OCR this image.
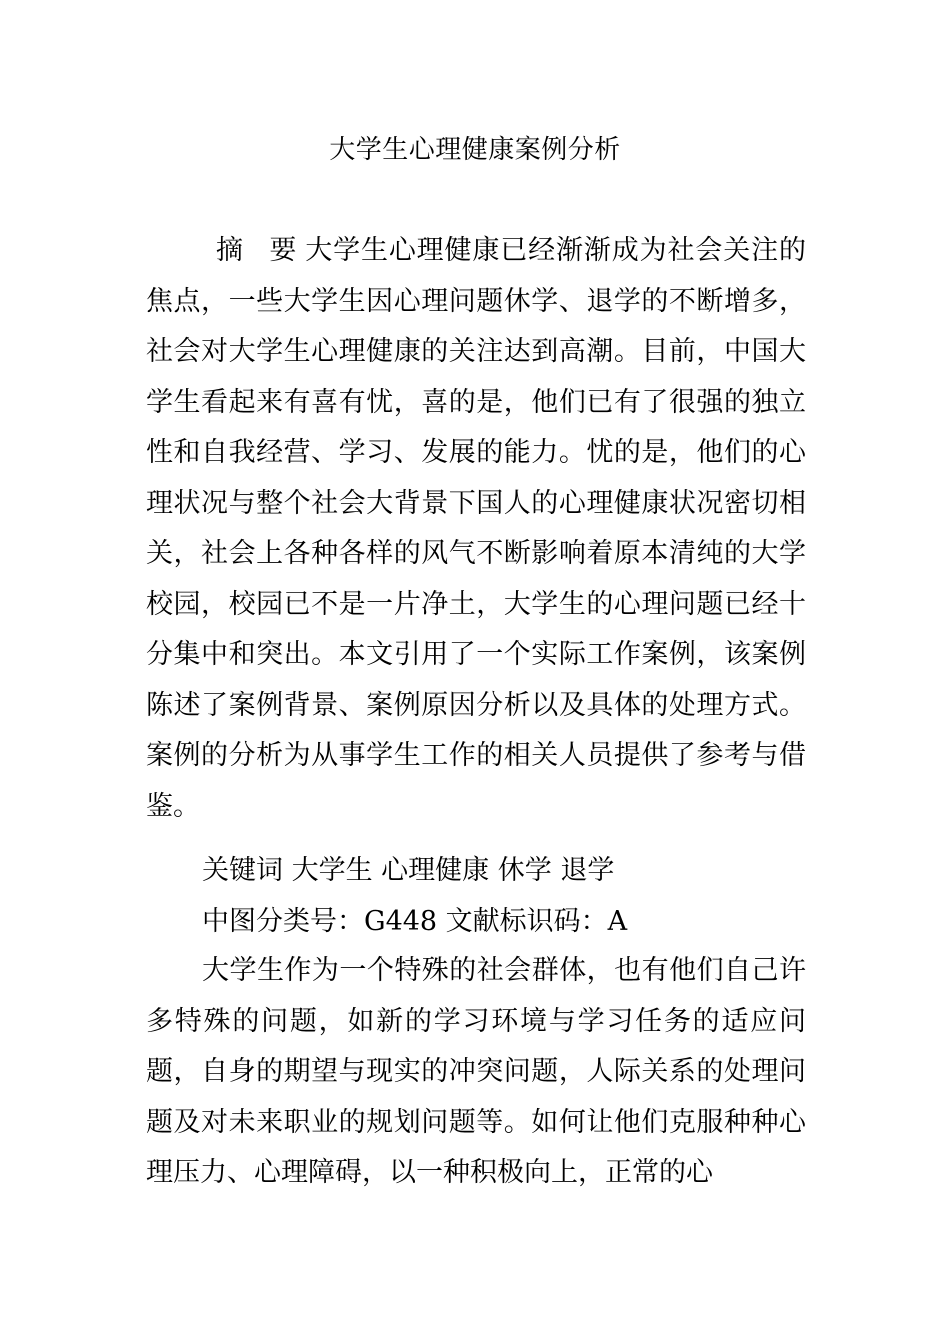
大学生心理健康案例分析

摘 要大学生心理健康已经渐渐成为社会关注的焦点，一些大学生因心理问题休学、退学的不断增多，社会对大学生心理健康的关注达到高潮。目前，中国大学生看起来有喜有忧，喜的是，他们已有了很强的独立性和自我经营、学习、发展的能力。忧的是，他们的心理状况与整个社会大背景下国人的心理健康状况密切相关，社会上各种各样的风气不断影响着原本清纯的大学校园，校园已不是一片净土，大学生的心理问题已经十分集中和突出。本文引用了一个实际工作案例，该案例陈述了案例背景、案例原因分析以及具体的处理方式。案例的分析为从事学生工作的相关人员提供了参考与借鉴。

关键词 大学生 心理健康 休学 退学

中图分类号：G448 文献标识码：A

大学生作为一个特殊的社会群体，也有他们自己许多特殊的问题，如新的学习环境与学习任务的适应问题，自身的期望与现实的冲突问题，人际关系的处理问题及对未来职业的规划问题等。如何让他们克服种种心理压力、心理障碍，以一种积极向上，正常的心
